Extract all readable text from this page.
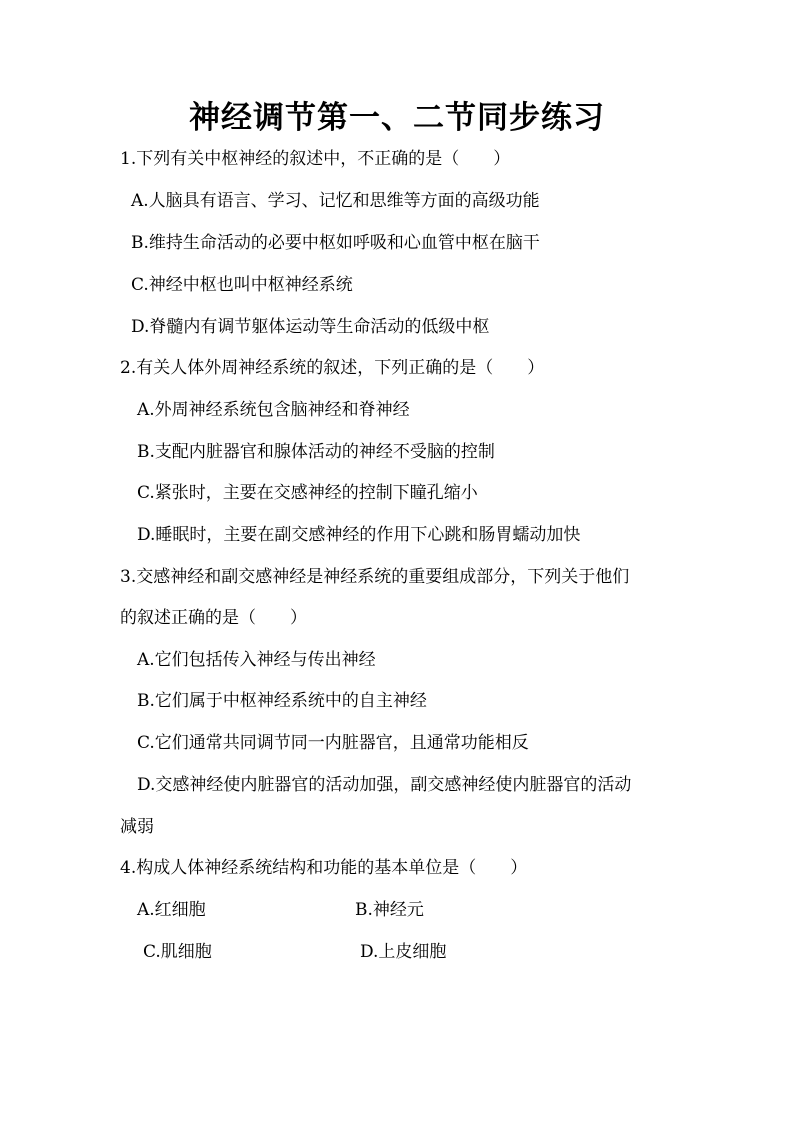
神经调节第一、二节同步练习
1.下列有关中枢神经的叙述中，不正确的是（　　）
A.人脑具有语言、学习、记忆和思维等方面的高级功能
B.维持生命活动的必要中枢如呼吸和心血管中枢在脑干
C.神经中枢也叫中枢神经系统
D.脊髓内有调节躯体运动等生命活动的低级中枢
2.有关人体外周神经系统的叙述，下列正确的是（　　）
A.外周神经系统包含脑神经和脊神经
B.支配内脏器官和腺体活动的神经不受脑的控制
C.紧张时，主要在交感神经的控制下瞳孔缩小
D.睡眠时，主要在副交感神经的作用下心跳和肠胃蠕动加快
3.交感神经和副交感神经是神经系统的重要组成部分，下列关于他们
的叙述正确的是（　　）
A.它们包括传入神经与传出神经
B.它们属于中枢神经系统中的自主神经
C.它们通常共同调节同一内脏器官，且通常功能相反
D.交感神经使内脏器官的活动加强，副交感神经使内脏器官的活动
减弱
4.构成人体神经系统结构和功能的基本单位是（　　）
A.红细胞	B.神经元
C.肌细胞	D.上皮细胞
